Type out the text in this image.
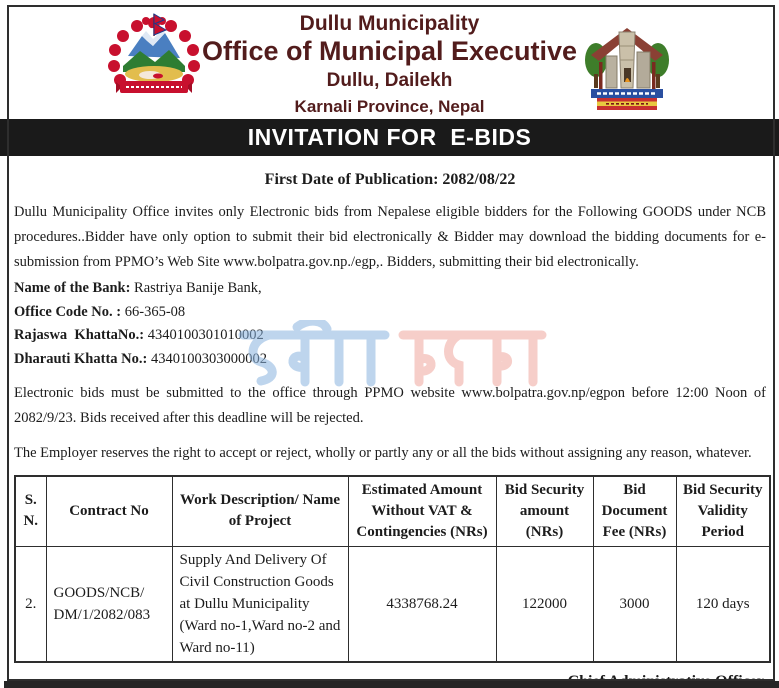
Dullu Municipality
Office of Municipal Executive
Dullu, Dailekh
Karnali Province, Nepal
INVITATION FOR  E-BIDS
First Date of Publication: 2082/08/22

Dullu Municipality Office invites only Electronic bids from Nepalese eligible bidders for the Following GOODS under NCB procedures..Bidder have only option to submit their bid electronically & Bidder may download the bidding documents for e-submission from PPMO’s Web Site www.bolpatra.gov.np./egp,. Bidders, submitting their bid electronically.

Name of the Bank: Rastriya Banije Bank,
Office Code No. : 66-365-08
Rajaswa  KhattaNo.: 4340100301010002
Dharauti Khatta No.: 4340100303000002

Electronic bids must be submitted to the office through PPMO website www.bolpatra.gov.np/egpon before 12:00 Noon of 2082/9/23. Bids received after this deadline will be rejected.

The Employer reserves the right to accept or reject, wholly or partly any or all the bids without assigning any reason, whatever.

S. N.	Contract No	Work Description/ Name of Project	Estimated Amount Without VAT & Contingencies (NRs)	Bid Security amount (NRs)	Bid Document Fee (NRs)	Bid Security Validity Period
2.	GOODS/NCB/ DM/1/2082/083	Supply And Delivery Of Civil Construction Goods at Dullu Municipality (Ward no-1,Ward no-2 and Ward no-11)	4338768.24	122000	3000	120 days
